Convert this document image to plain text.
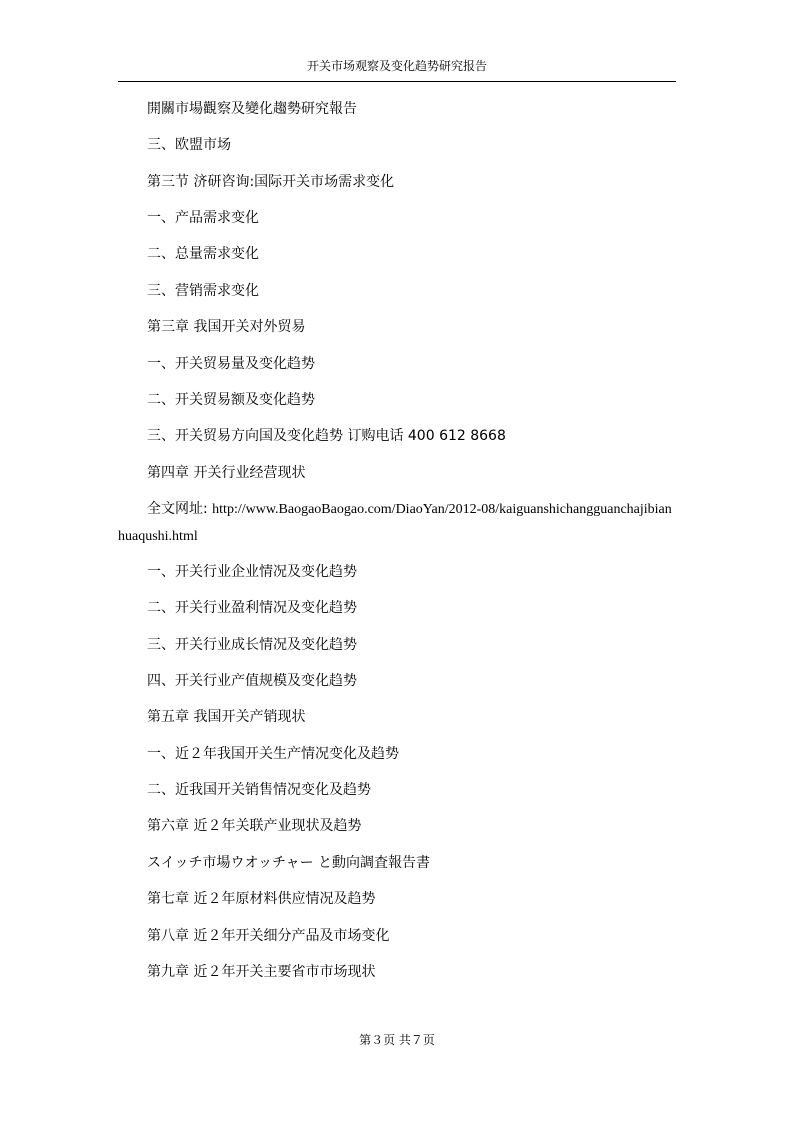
开关市场观察及变化趋势研究报告
開關市場觀察及變化趨勢研究報告
三、欧盟市场
第三节 济研咨询:国际开关市场需求变化
一、产品需求变化
二、总量需求变化
三、营销需求变化
第三章 我国开关对外贸易
一、开关贸易量及变化趋势
二、开关贸易额及变化趋势
三、开关贸易方向国及变化趋势 订购电话 400 612 8668
第四章 开关行业经营现状
全文网址: http://www.BaogaoBaogao.com/DiaoYan/2012-08/kaiguanshichangguanchajibian
huaqushi.html
一、开关行业企业情况及变化趋势
二、开关行业盈利情况及变化趋势
三、开关行业成长情况及变化趋势
四、开关行业产值规模及变化趋势
第五章 我国开关产销现状
一、近２年我国开关生产情况变化及趋势
二、近我国开关销售情况变化及趋势
第六章 近２年关联产业现状及趋势
スイッチ市場ウオッチャー と動向調査報告書
第七章 近２年原材料供应情况及趋势
第八章 近２年开关细分产品及市场变化
第九章 近２年开关主要省市市场现状
第３页 共７页
